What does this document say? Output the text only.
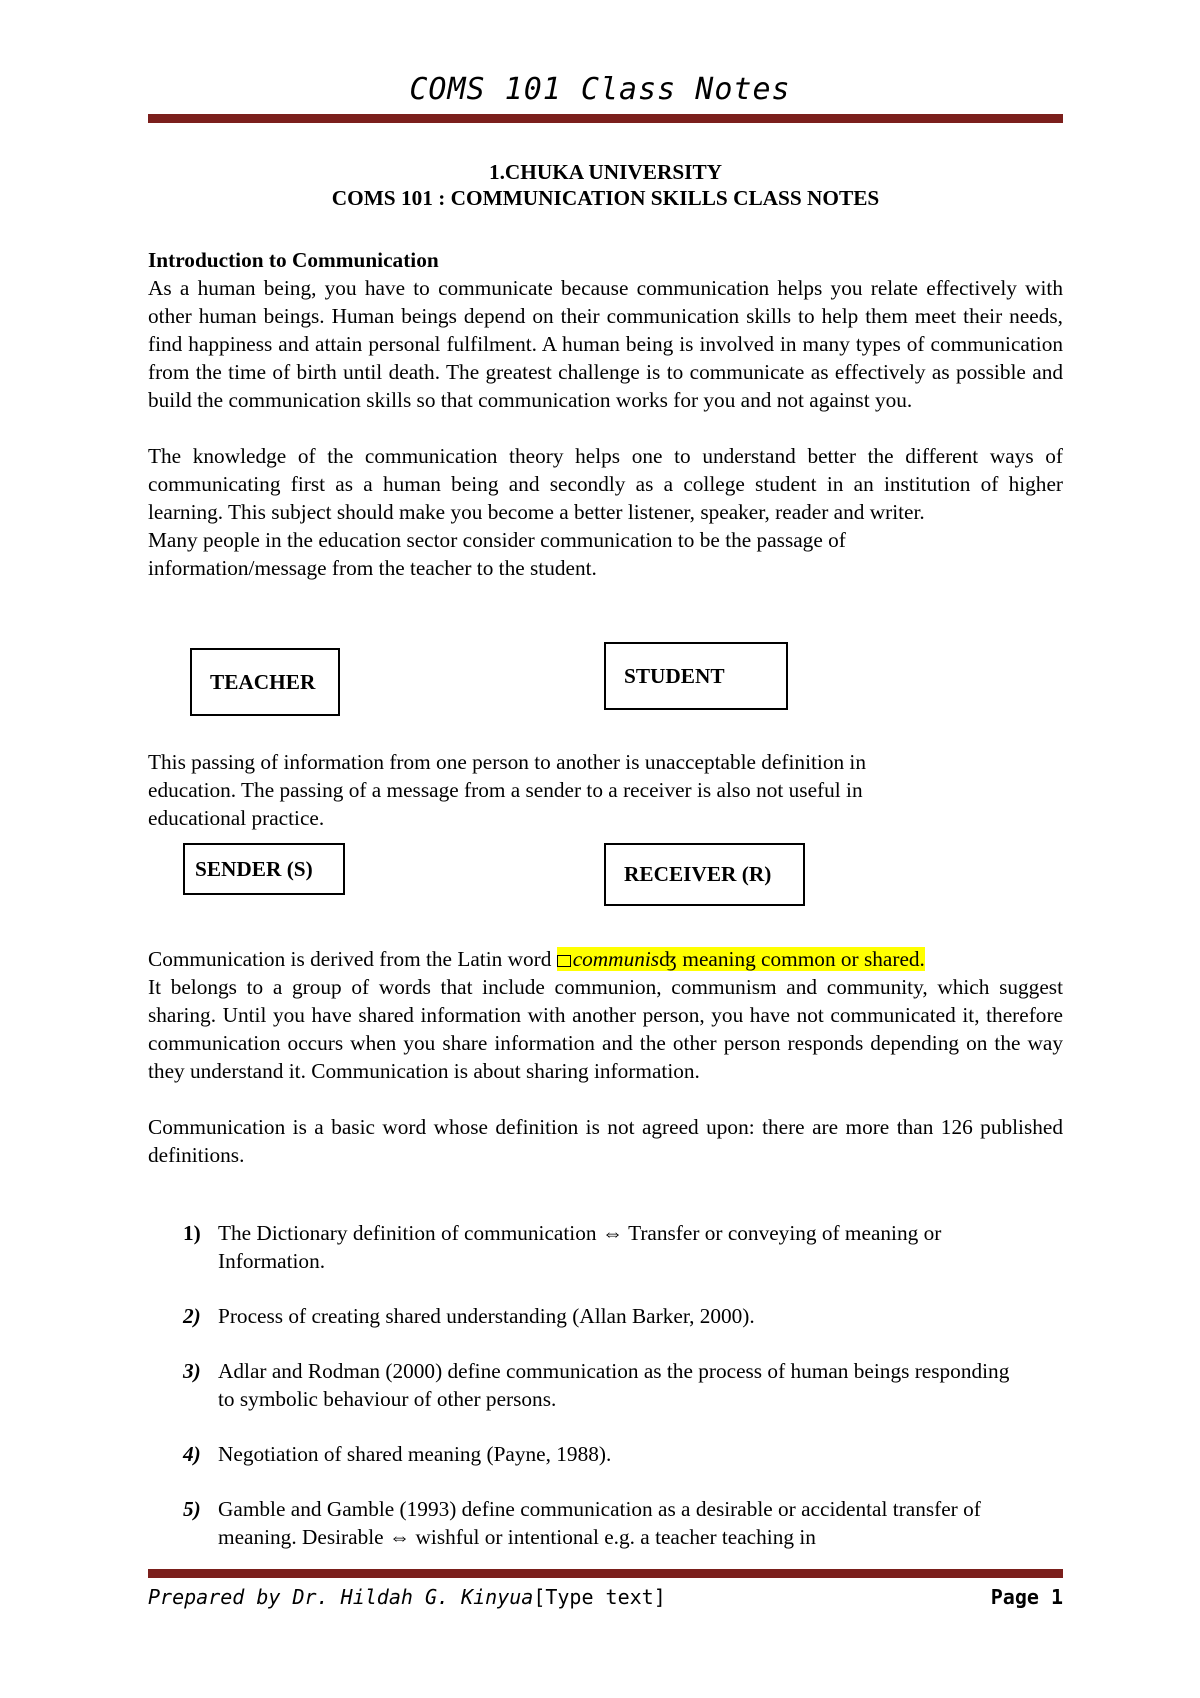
COMS 101 Class Notes
1.CHUKA UNIVERSITY
COMS 101 : COMMUNICATION SKILLS CLASS NOTES
Introduction to Communication

As a human being, you have to communicate because communication helps you relate effectively with other human beings. Human beings depend on their communication skills to help them meet their needs, find happiness and attain personal fulfilment. A human being is involved in many types of communication from the time of birth until death. The greatest challenge is to communicate as effectively as possible and build the communication skills so that communication works for you and not against you.

The knowledge of the communication theory helps one to understand better the different ways of communicating first as a human being and secondly as a college student in an institution of higher learning. This subject should make you become a better listener, speaker, reader and writer.

Many people in the education sector consider communication to be the passage of information/message from the teacher to the student.

TEACHER	STUDENT

This passing of information from one person to another is unacceptable definition in education. The passing of a message from a sender to a receiver is also not useful in educational practice.

SENDER (S)	RECEIVER (R)

Communication is derived from the Latin word communisʤ meaning common or shared.

It belongs to a group of words that include communion, communism and community, which suggest sharing. Until you have shared information with another person, you have not communicated it, therefore communication occurs when you share information and the other person responds depending on the way they understand it. Communication is about sharing information.

Communication is a basic word whose definition is not agreed upon: there are more than 126 published definitions.

1) The Dictionary definition of communication ⇔ Transfer or conveying of meaning or Information.
2) Process of creating shared understanding (Allan Barker, 2000).
3) Adlar and Rodman (2000) define communication as the process of human beings responding to symbolic behaviour of other persons.
4) Negotiation of shared meaning (Payne, 1988).
5) Gamble and Gamble (1993) define communication as a desirable or accidental transfer of meaning. Desirable ⇔ wishful or intentional e.g. a teacher teaching in
Prepared by Dr. Hildah G. Kinyua[Type text]	Page 1
